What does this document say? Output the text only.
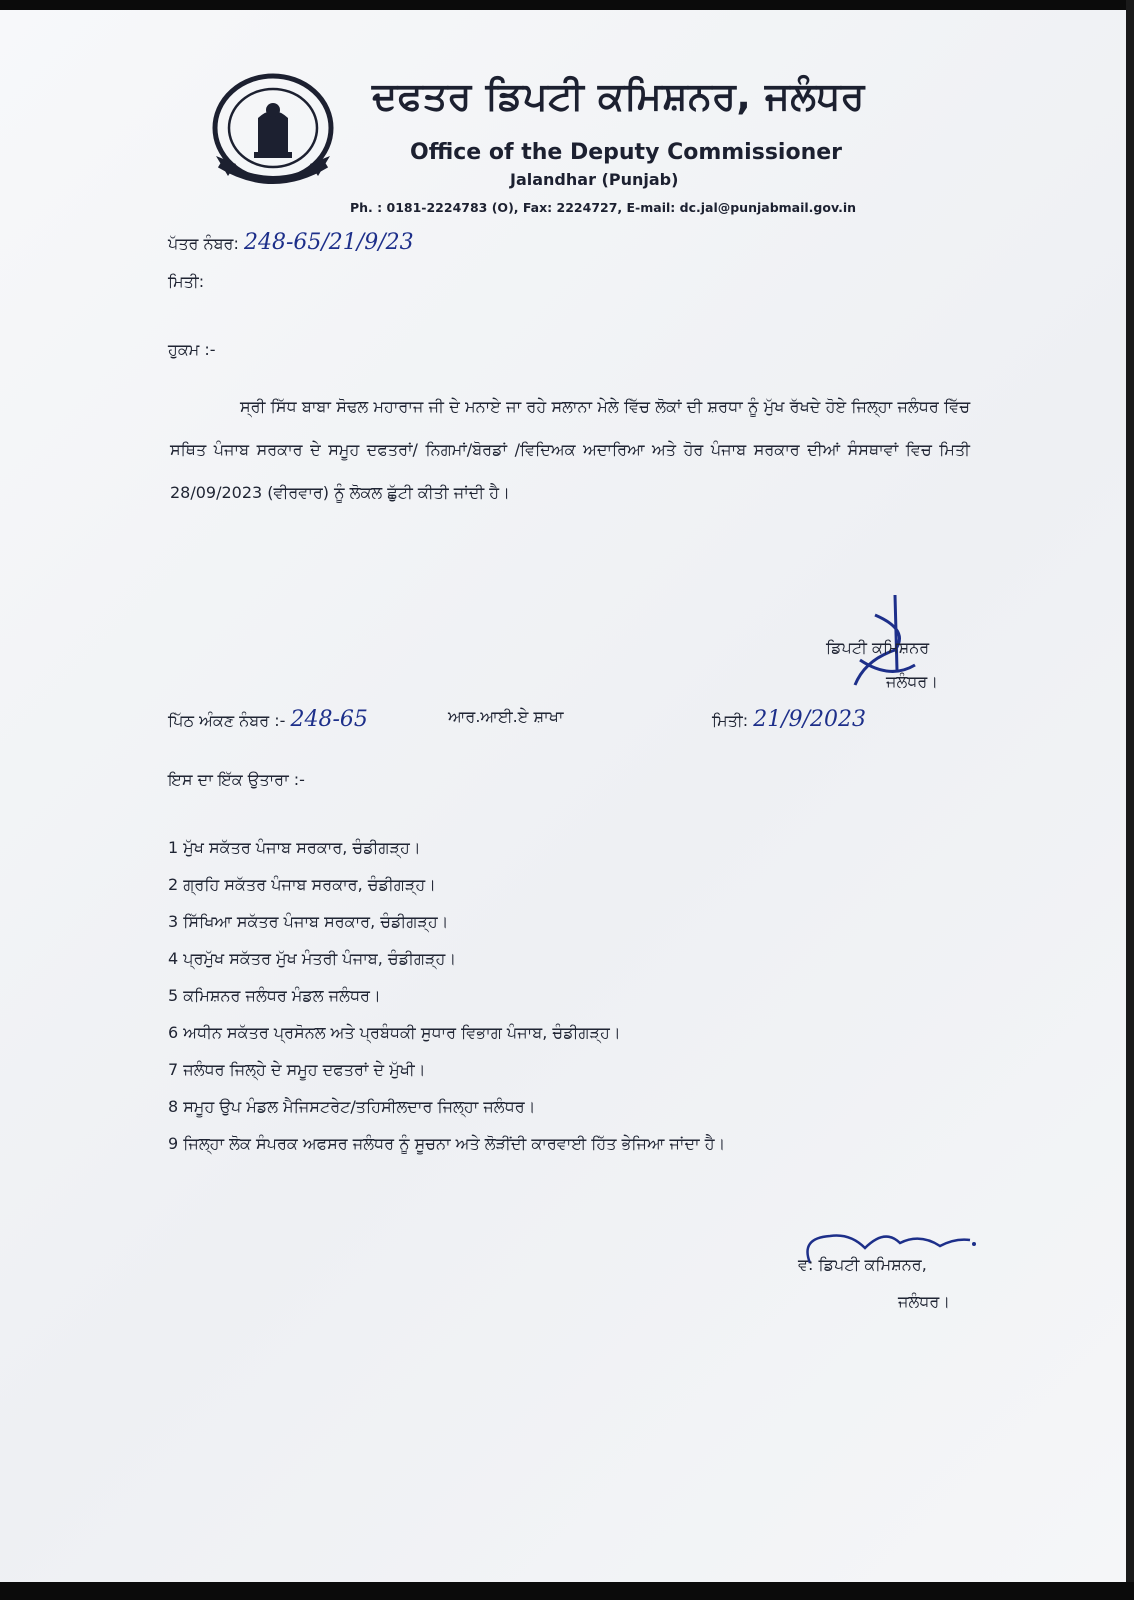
ਦਫਤਰ ਡਿਪਟੀ ਕਮਿਸ਼ਨਰ, ਜਲੰਧਰ
Office of the Deputy Commissioner
Jalandhar (Punjab)
Ph. : 0181-2224783 (O), Fax: 2224727, E-mail: dc.jal@punjabmail.gov.in
ਪੱਤਰ ਨੰਬਰ: 248-65/21/9/23
ਮਿਤੀ:
ਹੁਕਮ :-
ਸ੍ਰੀ ਸਿੱਧ ਬਾਬਾ ਸੋਢਲ ਮਹਾਰਾਜ ਜੀ ਦੇ ਮਨਾਏ ਜਾ ਰਹੇ ਸਲਾਨਾ ਮੇਲੇ ਵਿੱਚ ਲੋਕਾਂ ਦੀ ਸ਼ਰਧਾ ਨੂੰ ਮੁੱਖ ਰੱਖਦੇ ਹੋਏ ਜਿਲ੍ਹਾ ਜਲੰਧਰ ਵਿੱਚ ਸਥਿਤ ਪੰਜਾਬ ਸਰਕਾਰ ਦੇ ਸਮੂਹ ਦਫਤਰਾਂ/ ਨਿਗਮਾਂ/ਬੋਰਡਾਂ /ਵਿਦਿਅਕ ਅਦਾਰਿਆ ਅਤੇ ਹੋਰ ਪੰਜਾਬ ਸਰਕਾਰ ਦੀਆਂ ਸੰਸਥਾਵਾਂ ਵਿਚ ਮਿਤੀ 28/09/2023 (ਵੀਰਵਾਰ) ਨੂੰ ਲੋਕਲ ਛੁੱਟੀ ਕੀਤੀ ਜਾਂਦੀ ਹੈ।
ਡਿਪਟੀ ਕਮਿਸ਼ਨਰ
ਜਲੰਧਰ।
ਪਿੱਠ ਅੰਕਣ ਨੰਬਰ :- 248-65	ਆਰ.ਆਈ.ਏ ਸ਼ਾਖਾ	ਮਿਤੀ: 21/9/2023
ਇਸ ਦਾ ਇੱਕ ਉਤਾਰਾ :-
1 ਮੁੱਖ ਸਕੱਤਰ ਪੰਜਾਬ ਸਰਕਾਰ, ਚੰਡੀਗੜ੍ਹ।
2 ਗ੍ਰਹਿ ਸਕੱਤਰ ਪੰਜਾਬ ਸਰਕਾਰ, ਚੰਡੀਗੜ੍ਹ।
3 ਸਿੱਖਿਆ ਸਕੱਤਰ ਪੰਜਾਬ ਸਰਕਾਰ, ਚੰਡੀਗੜ੍ਹ।
4 ਪ੍ਰਮੁੱਖ ਸਕੱਤਰ ਮੁੱਖ ਮੰਤਰੀ ਪੰਜਾਬ, ਚੰਡੀਗੜ੍ਹ।
5 ਕਮਿਸ਼ਨਰ ਜਲੰਧਰ ਮੰਡਲ ਜਲੰਧਰ।
6 ਅਧੀਨ ਸਕੱਤਰ ਪ੍ਰਸੋਨਲ ਅਤੇ ਪ੍ਰਬੰਧਕੀ ਸੁਧਾਰ ਵਿਭਾਗ ਪੰਜਾਬ, ਚੰਡੀਗੜ੍ਹ।
7 ਜਲੰਧਰ ਜਿਲ੍ਹੇ ਦੇ ਸਮੂਹ ਦਫਤਰਾਂ ਦੇ ਮੁੱਖੀ।
8 ਸਮੂਹ ਉਪ ਮੰਡਲ ਮੈਜਿਸਟਰੇਟ/ਤਹਿਸੀਲਦਾਰ ਜਿਲ੍ਹਾ ਜਲੰਧਰ।
9 ਜਿਲ੍ਹਾ ਲੋਕ ਸੰਪਰਕ ਅਫਸਰ ਜਲੰਧਰ ਨੂੰ ਸੂਚਨਾ ਅਤੇ ਲੋੜੀਂਦੀ ਕਾਰਵਾਈ ਹਿੱਤ ਭੇਜਿਆ ਜਾਂਦਾ ਹੈ।
ਵ: ਡਿਪਟੀ ਕਮਿਸ਼ਨਰ,
ਜਲੰਧਰ।
